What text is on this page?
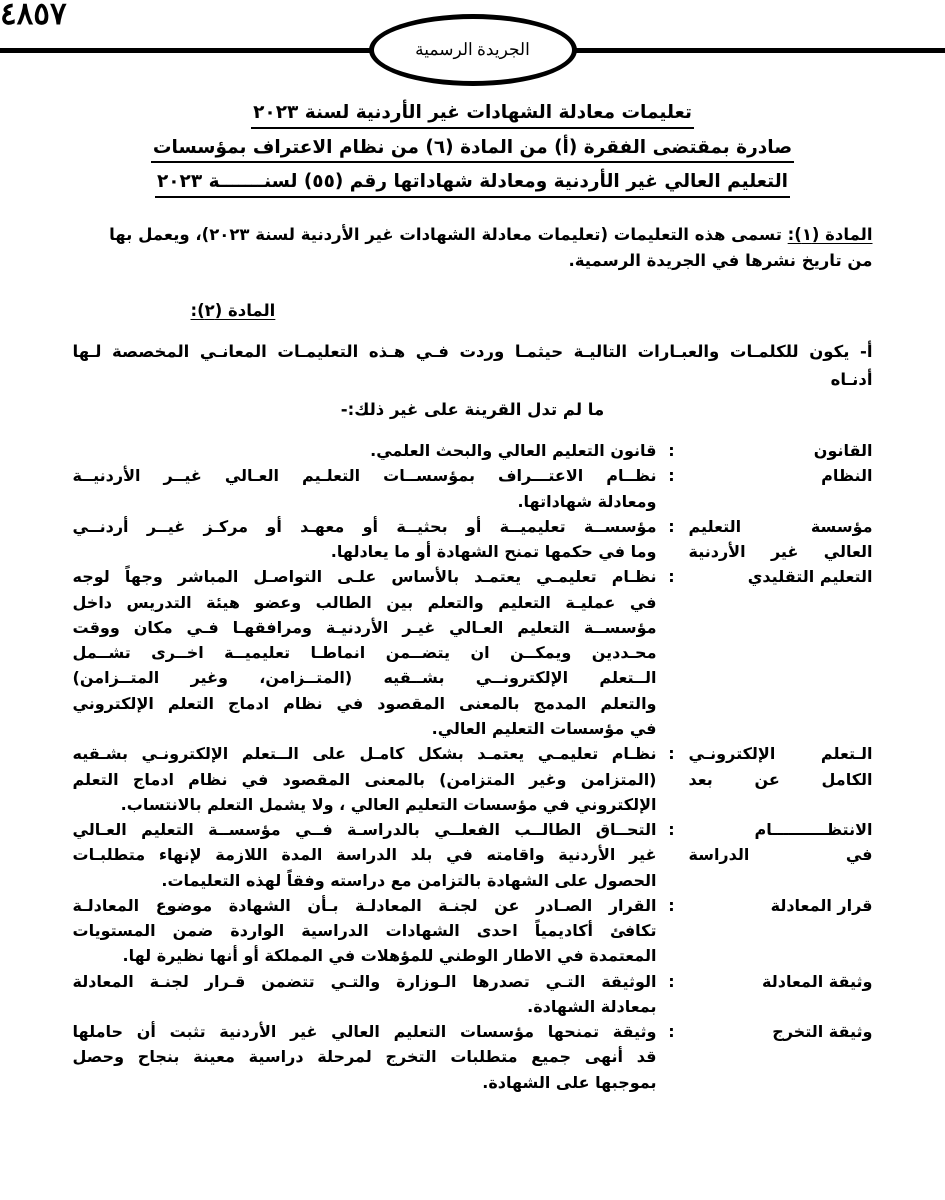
٤٨٥٧
الجريدة الرسمية
تعليمات معادلة الشهادات غير الأردنية لسنة ٢٠٢٣
صادرة بمقتضى الفقرة (أ) من المادة (٦) من نظام الاعتراف بمؤسسات
التعليم العالي غير الأردنية ومعادلة شهاداتها رقم (٥٥) لسنـــــــة ٢٠٢٣
المادة (١): تسمى هذه التعليمات (تعليمات معادلة الشهادات غير الأردنية لسنة ٢٠٢٣)، ويعمل بها
من تاريخ نشرها في الجريدة الرسمية.
المادة (٢):
أ- يكون للكلمـات والعبـارات التاليـة حيثمـا وردت فـي هـذه التعليمـات المعانـي المخصصة لـها أدنـاه
ما لم تدل القرينة على غير ذلك:-
القانون
:
قانون التعليم العالي والبحث العلمي.
النظام
:
نظــام الاعتـــراف بمؤسســات التعلـيم العـالي غيــر الأردنيــة
ومعادلة شهاداتها.
مؤسسة التعليم
العالي غير الأردنية
:
مؤسســة تعليميــة أو بحثيــة أو معهـد أو مركـز غيــر أردنــي
وما في حكمها تمنح الشهادة أو ما يعادلها.
التعليم التقليدي
:
نظـام تعليمـي يعتمـد بالأساس علـى التواصـل المباشر وجهاً لوجه
في عمليـة التعليم والتعلم بين الطالب وعضو هيئة التدريس داخل
مؤسســة التعليم العـالي غيـر الأردنيـة ومرافقهـا فـي مكان ووقت
محـددين ويمكــن ان يتضــمن انماطـا تعليميــة اخــرى تشــمل
الــتعلم الإلكترونــي بشــقيه (المتــزامن، وغير المتــزامن)
والتعلم المدمج بالمعنى المقصود في نظام ادماج التعلم الإلكتروني
في مؤسسات التعليم العالي.
الـتعلم الإلكترونـي
الكامل عن بعد
:
نظـام تعليمـي يعتمـد بشكل كامـل على الــتعلم الإلكترونـي بشـقيه
(المتزامن وغير المتزامن) بالمعنى المقصود في نظام ادماج التعلم
الإلكتروني في مؤسسات التعليم العالي ، ولا يشمل التعلم بالانتساب.
الانتظــــــــــام
في الدراسة
:
التحــاق الطالــب الفعلــي بالدراسـة فــي مؤسســة التعليم العـالي
غير الأردنية واقامته في بلد الدراسة المدة اللازمة لإنهاء متطلبـات
الحصول على الشهادة بالتزامن مع دراسته وفقاً لهذه التعليمات.
قرار المعادلة
:
القرار الصـادر عن لجنـة المعادلـة بـأن الشهادة موضوع المعادلـة
تكافئ أكاديمياً احدى الشهادات الدراسية الواردة ضمن المستويات
المعتمدة في الاطار الوطني للمؤهلات في المملكة أو أنها نظيرة لها.
وثيقة المعادلة
:
الوثيقة التـي تصدرها الـوزارة والتـي تتضمن قـرار لجنـة المعادلة
بمعادلة الشهادة.
وثيقة التخرج
:
وثيقة تمنحها مؤسسات التعليم العالي غير الأردنية تثبت أن حاملها
قد أنهى جميع متطلبات التخرج لمرحلة دراسية معينة بنجاح وحصل
بموجبها على الشهادة.
